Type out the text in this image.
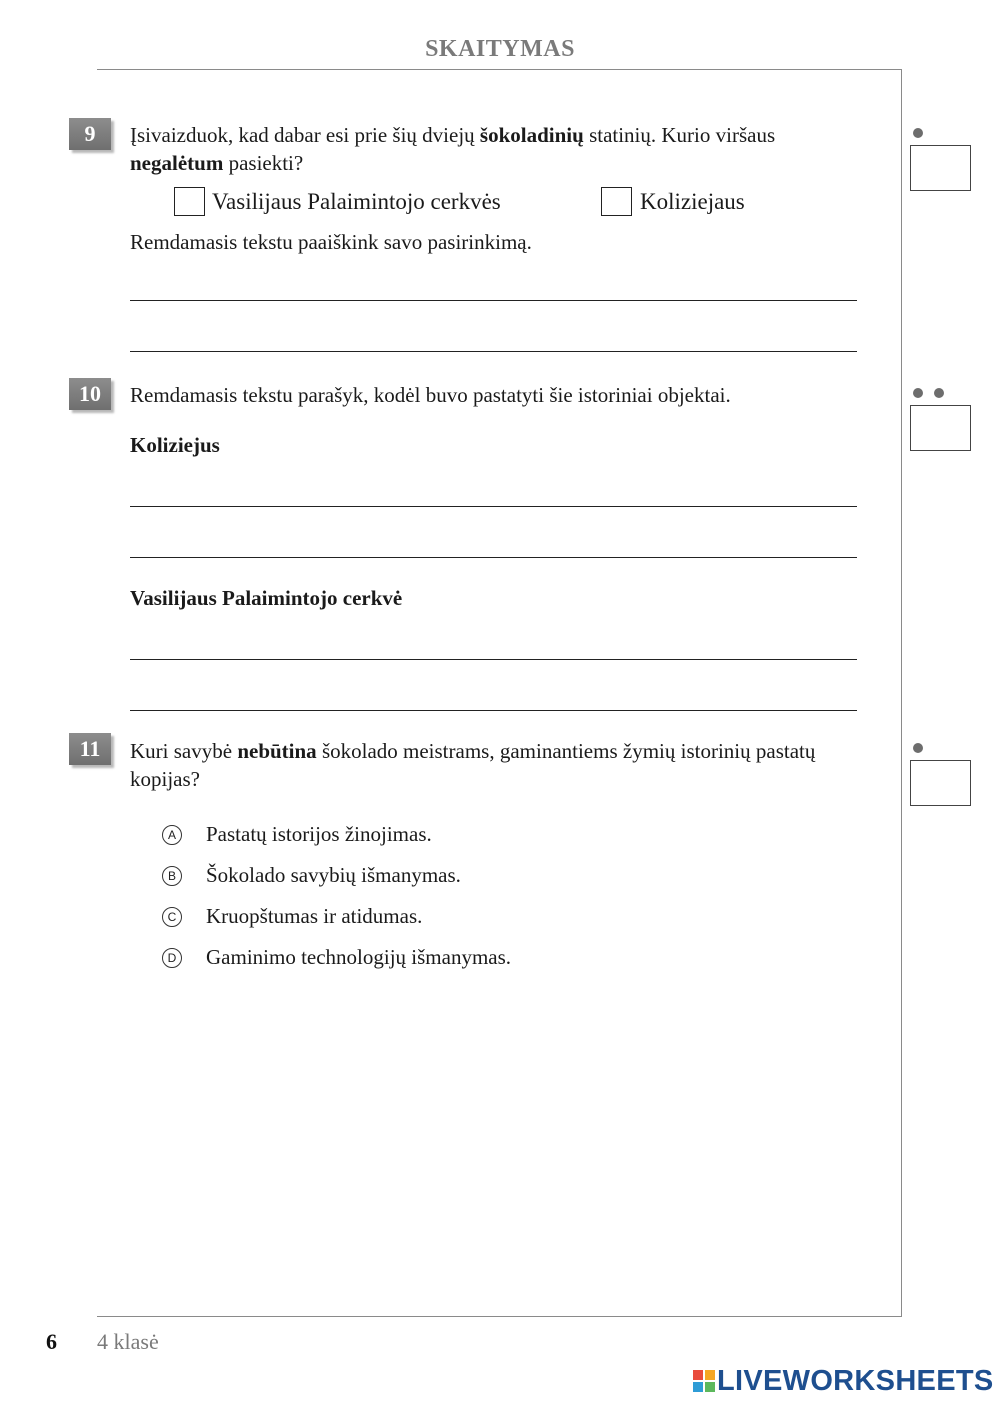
SKAITYMAS
9	Įsivaizduok, kad dabar esi prie šių dviejų šokoladinių statinių. Kurio viršaus
negalėtum pasiekti?
Vasilijaus Palaimintojo cerkvės	Koliziejaus
Remdamasis tekstu paaiškink savo pasirinkimą.
10	Remdamasis tekstu parašyk, kodėl buvo pastatyti šie istoriniai objektai.
Koliziejus
Vasilijaus Palaimintojo cerkvė
11	Kuri savybė nebūtina šokolado meistrams, gaminantiems žymių istorinių pastatų kopijas?
A Pastatų istorijos žinojimas.
B Šokolado savybių išmanymas.
C Kruopštumas ir atidumas.
D Gaminimo technologijų išmanymas.
6 4 klasė
LIVEWORKSHEETS
